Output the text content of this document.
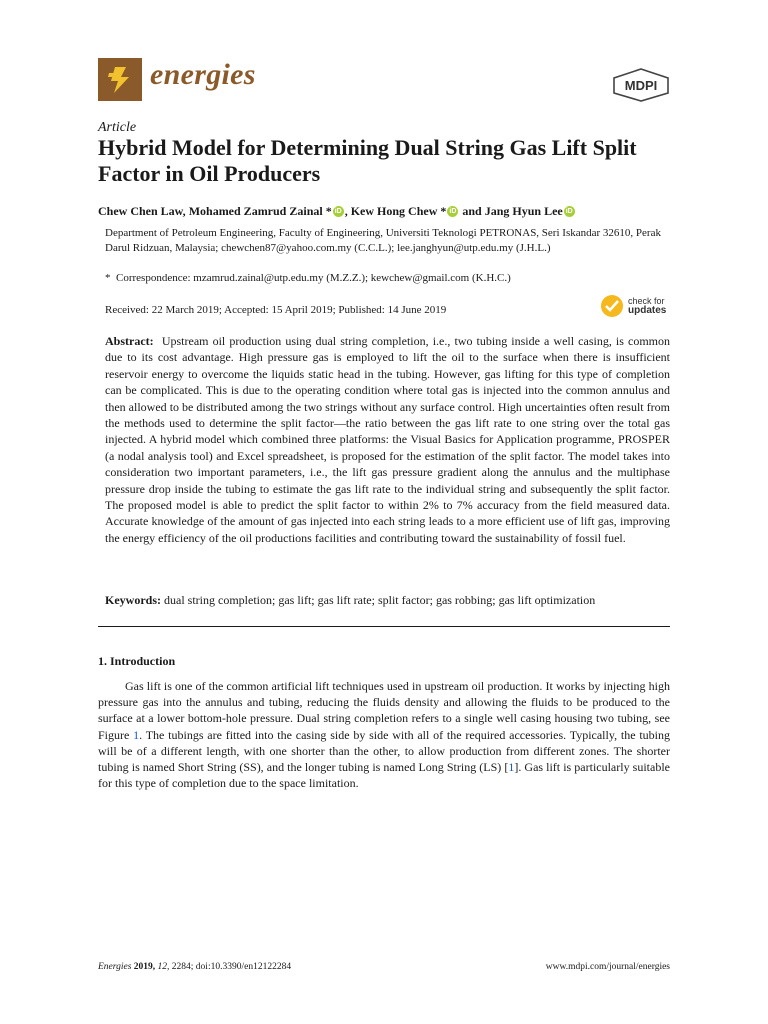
energies	MDPI
Article
Hybrid Model for Determining Dual String Gas Lift Split Factor in Oil Producers
Chew Chen Law,
Mohamed Zamrud Zainal * iD , Kew Hong Chew * iD
and Jang Hyun Lee iD
Department of Petroleum Engineering, Faculty of Engineering, Universiti Teknologi PETRONAS, Seri Iskandar 32610, Perak Darul Ridzuan, Malaysia; chewchen87@yahoo.com.my (C.C.L.); lee.janghyun@utp.edu.my (J.H.L.)
* Correspondence: mzamrud.zainal@utp.edu.my (M.Z.Z.); kewchew@gmail.com (K.H.C.)
Received: 22 March 2019; Accepted: 15 April 2019; Published: 14 June 2019
check for
updates
Abstract: Upstream oil production using dual string completion, i.e., two tubing inside a well casing, is common due to its cost advantage. High pressure gas is employed to lift the oil to the surface when there is insufficient reservoir energy to overcome the liquids static head in the tubing. However, gas lifting for this type of completion can be complicated. This is due to the operating condition where total gas is injected into the common annulus and then allowed to be distributed among the two strings without any surface control. High uncertainties often result from the methods used to determine the split factor—the ratio between the gas lift rate to one string over the total gas injected. A hybrid model which combined three platforms: the Visual Basics for Application programme, PROSPER (a nodal analysis tool) and Excel spreadsheet, is proposed for the estimation of the split factor. The model takes into consideration two important parameters, i.e., the lift gas pressure gradient along the annulus and the multiphase pressure drop inside the tubing to estimate the gas lift rate to the individual string and subsequently the split factor. The proposed model is able to predict the split factor to within 2% to 7% accuracy from the field measured data. Accurate knowledge of the amount of gas injected into each string leads to a more efficient use of lift gas, improving the energy efficiency of the oil productions facilities and contributing toward the sustainability of fossil fuel.
Keywords: dual string completion; gas lift; gas lift rate; split factor; gas robbing; gas lift optimization
1. Introduction
Gas lift is one of the common artificial lift techniques used in upstream oil production. It works by injecting high pressure gas into the annulus and tubing, reducing the fluids density and allowing the fluids to be produced to the surface at a lower bottom-hole pressure. Dual string completion refers to a single well casing housing two tubing, see Figure 1. The tubings are fitted into the casing side by side with all of the required accessories. Typically, the tubing will be of a different length, with one shorter than the other, to allow production from different zones. The shorter tubing is named Short String (SS), and the longer tubing is named Long String (LS) [1]. Gas lift is particularly suitable for this type of completion due to the space limitation.
Energies 2019, 12, 2284; doi:10.3390/en12122284	www.mdpi.com/journal/energies
